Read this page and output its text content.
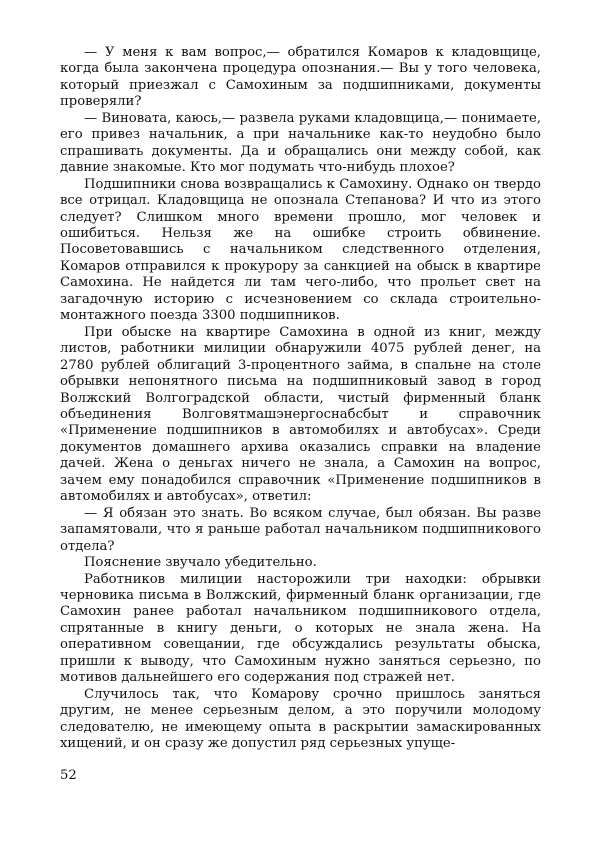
— У меня к вам вопрос,— обратился Комаров к кладовщице, когда была закончена процедура опознания.— Вы у того человека, который приезжал с Самохиным за подшипниками, документы проверяли?

— Виновата, каюсь,— развела руками кладовщица,— понимаете, его привез начальник, а при начальнике как-то неудобно было спрашивать документы. Да и обращались они между собой, как давние знакомые. Кто мог подумать что-нибудь плохое?

Подшипники снова возвращались к Самохину. Однако он твердо все отрицал. Кладовщица не опознала Степанова? И что из этого следует? Слишком много времени прошло, мог человек и ошибиться. Нельзя же на ошибке строить обвинение. Посоветовавшись с начальником следственного отделения, Комаров отправился к прокурору за санкцией на обыск в квартире Самохина. Не найдется ли там чего-либо, что прольет свет на загадочную историю с исчезновением со склада строительно-монтажного поезда 3300 подшипников.

При обыске на квартире Самохина в одной из книг, между листов, работники милиции обнаружили 4075 рублей денег, на 2780 рублей облигаций 3-процентного займа, в спальне на столе обрывки непонятного письма на подшипниковый завод в город Волжский Волгоградской области, чистый фирменный бланк объединения Волговятмашэнергоснабсбыт и справочник «Применение подшипников в автомобилях и автобусах». Среди документов домашнего архива оказались справки на владение дачей. Жена о деньгах ничего не знала, а Самохин на вопрос, зачем ему понадобился справочник «Применение подшипников в автомобилях и автобусах», ответил:

— Я обязан это знать. Во всяком случае, был обязан. Вы разве запамятовали, что я раньше работал начальником подшипникового отдела?

Пояснение звучало убедительно.

Работников милиции насторожили три находки: обрывки черновика письма в Волжский, фирменный бланк организации, где Самохин ранее работал начальником подшипникового отдела, спрятанные в книгу деньги, о которых не знала жена. На оперативном совещании, где обсуждались результаты обыска, пришли к выводу, что Самохиным нужно заняться серьезно, по мотивов дальнейшего его содержания под стражей нет.

Случилось так, что Комарову срочно пришлось заняться другим, не менее серьезным делом, а это поручили молодому следователю, не имеющему опыта в раскрытии замаскированных хищений, и он сразу же допустил ряд серьезных упуще-

52
